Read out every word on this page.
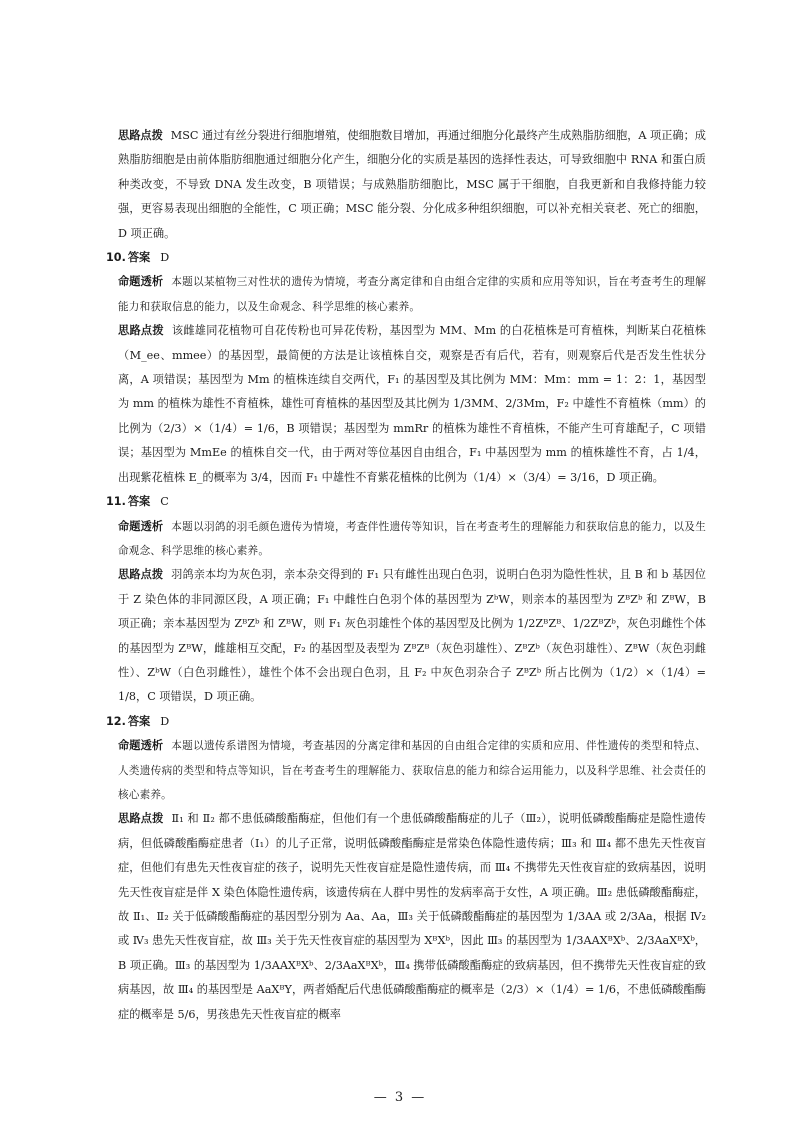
思路点拨 MSC 通过有丝分裂进行细胞增殖，使细胞数目增加，再通过细胞分化最终产生成熟脂肪细胞，A 项正确；成熟脂肪细胞是由前体脂肪细胞通过细胞分化产生，细胞分化的实质是基因的选择性表达，可导致细胞中 RNA 和蛋白质种类改变，不导致 DNA 发生改变，B 项错误；与成熟脂肪细胞比，MSC 属于干细胞，自我更新和自我修持能力较强，更容易表现出细胞的全能性，C 项正确；MSC 能分裂、分化成多种组织细胞，可以补充相关衰老、死亡的细胞，D 项正确。

10. 答案 D

命题透析 本题以某植物三对性状的遗传为情境，考查分离定律和自由组合定律的实质和应用等知识，旨在考查考生的理解能力和获取信息的能力，以及生命观念、科学思维的核心素养。

思路点拨 该雌雄同花植物可自花传粉也可异花传粉，基因型为 MM、Mm 的白花植株是可育植株，判断某白花植株（M_ee、mmee）的基因型，最简便的方法是让该植株自交，观察是否有后代，若有，则观察后代是否发生性状分离，A 项错误；基因型为 Mm 的植株连续自交两代，F₁ 的基因型及其比例为 MM：Mm：mm = 1：2：1，基因型为 mm 的植株为雄性不育植株，雄性可育植株的基因型及其比例为 1/3MM、2/3Mm，F₂ 中雄性不育植株（mm）的比例为（2/3）×（1/4）= 1/6，B 项错误；基因型为 mmRr 的植株为雄性不育植株，不能产生可育雄配子，C 项错误；基因型为 MmEe 的植株自交一代，由于两对等位基因自由组合，F₁ 中基因型为 mm 的植株雄性不育，占 1/4，出现紫花植株 E_的概率为 3/4，因而 F₁ 中雄性不育紫花植株的比例为（1/4）×（3/4）= 3/16，D 项正确。

11. 答案 C

命题透析 本题以羽鸽的羽毛颜色遗传为情境，考查伴性遗传等知识，旨在考查考生的理解能力和获取信息的能力，以及生命观念、科学思维的核心素养。

思路点拨 羽鸽亲本均为灰色羽，亲本杂交得到的 F₁ 只有雌性出现白色羽，说明白色羽为隐性性状，且 B 和 b 基因位于 Z 染色体的非同源区段，A 项正确；F₁ 中雌性白色羽个体的基因型为 ZᵇW，则亲本的基因型为 ZᴮZᵇ 和 ZᴮW，B 项正确；亲本基因型为 ZᴮZᵇ 和 ZᴮW，则 F₁ 灰色羽雄性个体的基因型及比例为 1/2ZᴮZᴮ、1/2ZᴮZᵇ，灰色羽雌性个体的基因型为 ZᴮW，雌雄相互交配，F₂ 的基因型及表型为 ZᴮZᴮ（灰色羽雄性）、ZᴮZᵇ（灰色羽雄性）、ZᴮW（灰色羽雌性）、ZᵇW（白色羽雌性），雄性个体不会出现白色羽，且 F₂ 中灰色羽杂合子 ZᴮZᵇ 所占比例为（1/2）×（1/4）= 1/8，C 项错误，D 项正确。

12. 答案 D

命题透析 本题以遗传系谱图为情境，考查基因的分离定律和基因的自由组合定律的实质和应用、伴性遗传的类型和特点、人类遗传病的类型和特点等知识，旨在考查考生的理解能力、获取信息的能力和综合运用能力，以及科学思维、社会责任的核心素养。

思路点拨 Ⅱ₁ 和 Ⅱ₂ 都不患低磷酸酯酶症，但他们有一个患低磷酸酯酶症的儿子（Ⅲ₂），说明低磷酸酯酶症是隐性遗传病，但低磷酸酯酶症患者（Ⅰ₁）的儿子正常，说明低磷酸酯酶症是常染色体隐性遗传病；Ⅲ₃ 和 Ⅲ₄ 都不患先天性夜盲症，但他们有患先天性夜盲症的孩子，说明先天性夜盲症是隐性遗传病，而 Ⅲ₄ 不携带先天性夜盲症的致病基因，说明先天性夜盲症是伴 X 染色体隐性遗传病，该遗传病在人群中男性的发病率高于女性，A 项正确。Ⅲ₂ 患低磷酸酯酶症，故 Ⅱ₁、Ⅱ₂ 关于低磷酸酯酶症的基因型分别为 Aa、Aa，Ⅲ₃ 关于低磷酸酯酶症的基因型为 1/3AA 或 2/3Aa，根据 Ⅳ₂ 或 Ⅳ₃ 患先天性夜盲症，故 Ⅲ₃ 关于先天性夜盲症的基因型为 XᴮXᵇ，因此 Ⅲ₃ 的基因型为 1/3AAXᴮXᵇ、2/3AaXᴮXᵇ，B 项正确。Ⅲ₃ 的基因型为 1/3AAXᴮXᵇ、2/3AaXᴮXᵇ，Ⅲ₄ 携带低磷酸酯酶症的致病基因，但不携带先天性夜盲症的致病基因，故 Ⅲ₄ 的基因型是 AaXᴮY，两者婚配后代患低磷酸酯酶症的概率是（2/3）×（1/4）= 1/6，不患低磷酸酯酶症的概率是 5/6，男孩患先天性夜盲症的概率

— 3 —
